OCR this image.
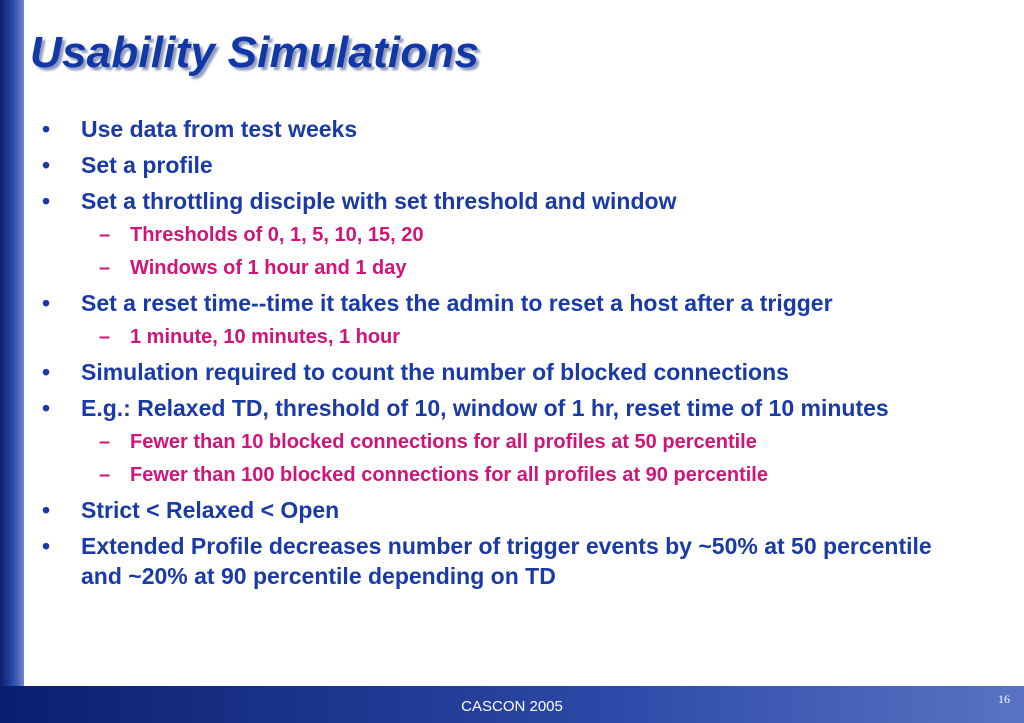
Usability Simulations
• Use data from test weeks
• Set a profile
• Set a throttling disciple with set threshold and window
– Thresholds of 0, 1, 5, 10, 15, 20
– Windows of 1 hour and 1 day
• Set a reset time--time it takes the admin to reset a host after a trigger
– 1 minute, 10 minutes, 1 hour
• Simulation required to count the number of blocked connections
• E.g.: Relaxed TD, threshold of 10, window of 1 hr, reset time of 10 minutes
– Fewer than 10 blocked connections for all profiles at 50 percentile
– Fewer than 100 blocked connections for all profiles at 90 percentile
• Strict < Relaxed < Open
• Extended Profile decreases number of trigger events by ~50% at 50 percentile and ~20% at 90 percentile depending on TD
CASCON 2005	16
